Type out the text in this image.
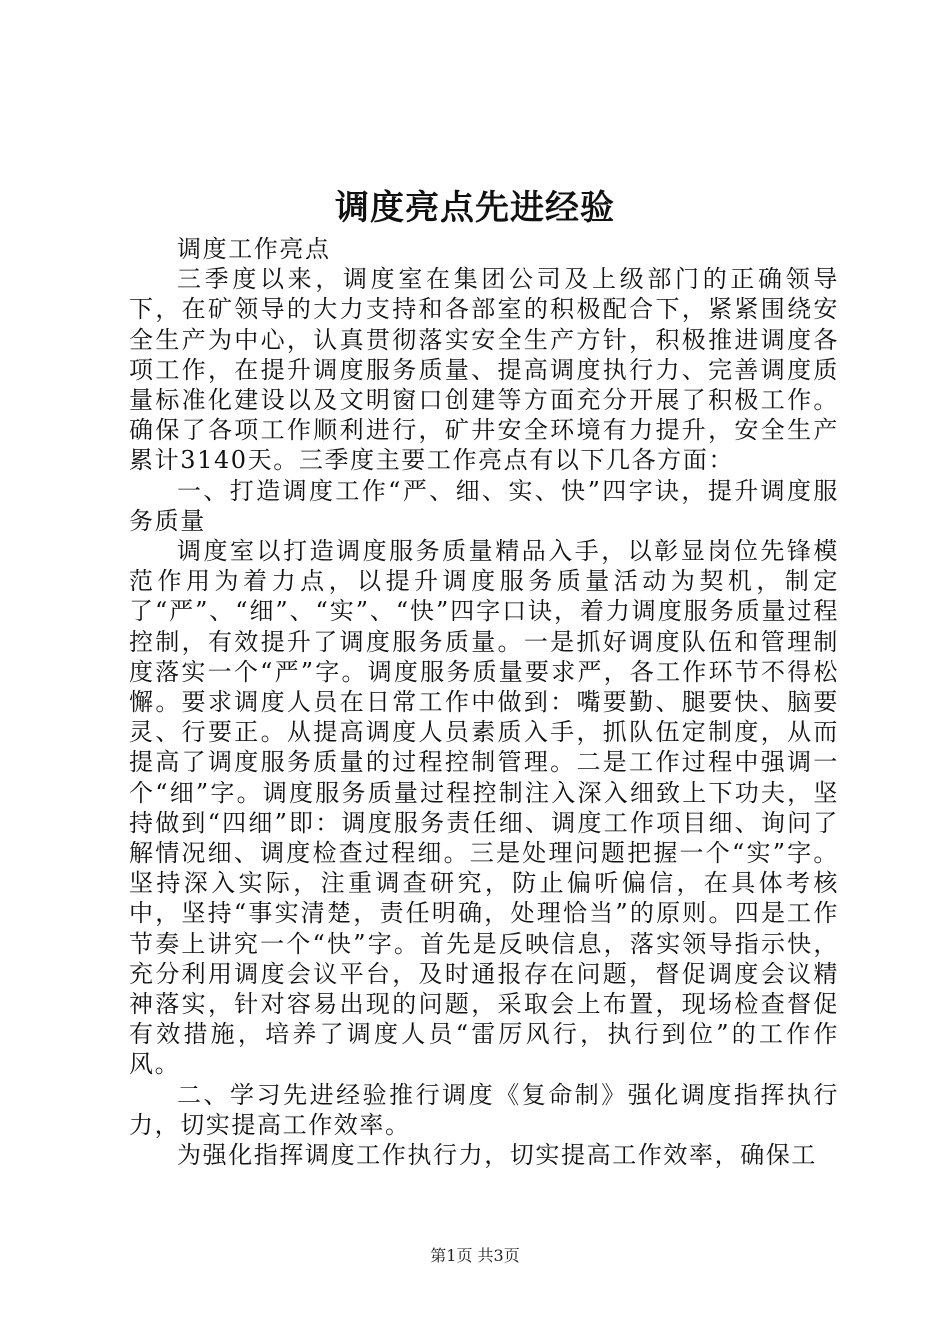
调度亮点先进经验

调度工作亮点

三季度以来，调度室在集团公司及上级部门的正确领导下，在矿领导的大力支持和各部室的积极配合下，紧紧围绕安全生产为中心，认真贯彻落实安全生产方针，积极推进调度各项工作，在提升调度服务质量、提高调度执行力、完善调度质量标准化建设以及文明窗口创建等方面充分开展了积极工作。确保了各项工作顺利进行，矿井安全环境有力提升，安全生产累计3140天。三季度主要工作亮点有以下几各方面：

一、打造调度工作“严、细、实、快”四字诀，提升调度服务质量

调度室以打造调度服务质量精品入手，以彰显岗位先锋模范作用为着力点，以提升调度服务质量活动为契机，制定了“严”、“细”、“实”、“快”四字口诀，着力调度服务质量过程控制，有效提升了调度服务质量。一是抓好调度队伍和管理制度落实一个“严”字。调度服务质量要求严，各工作环节不得松懈。要求调度人员在日常工作中做到：嘴要勤、腿要快、脑要灵、行要正。从提高调度人员素质入手，抓队伍定制度，从而提高了调度服务质量的过程控制管理。二是工作过程中强调一个“细”字。调度服务质量过程控制注入深入细致上下功夫，坚持做到“四细”即：调度服务责任细、调度工作项目细、询问了解情况细、调度检查过程细。三是处理问题把握一个“实”字。坚持深入实际，注重调查研究，防止偏听偏信，在具体考核中，坚持“事实清楚，责任明确，处理恰当”的原则。四是工作节奏上讲究一个“快”字。首先是反映信息，落实领导指示快，充分利用调度会议平台，及时通报存在问题，督促调度会议精神落实，针对容易出现的问题，采取会上布置，现场检查督促有效措施，培养了调度人员“雷厉风行，执行到位”的工作作风。

二、学习先进经验推行调度《复命制》强化调度指挥执行力，切实提高工作效率。

为强化指挥调度工作执行力，切实提高工作效率，确保工

第1页 共3页
